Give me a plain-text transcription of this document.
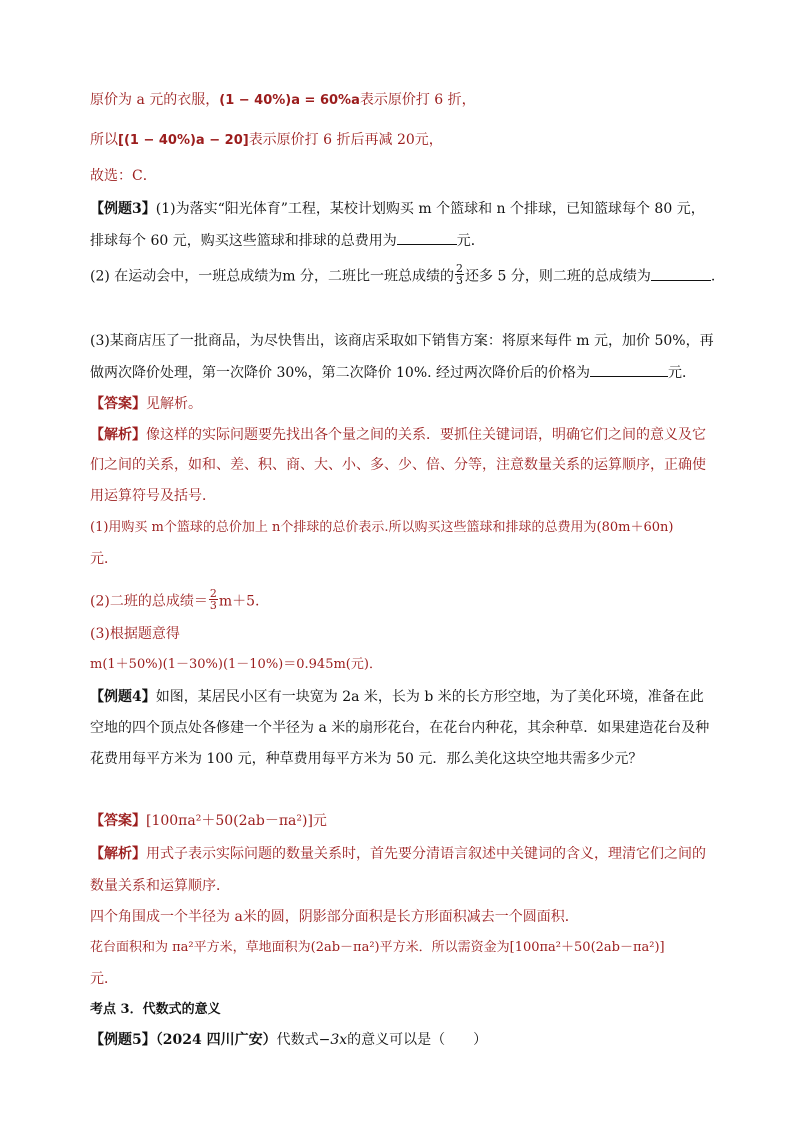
原价为 a 元的衣服，(1 − 40%)a = 60%a表示原价打 6 折，
所以[(1 − 40%)a − 20]表示原价打 6 折后再减 20元，
故选：C．
【例题3】(1)为落实“阳光体育”工程，某校计划购买 m 个篮球和 n 个排球，已知篮球每个 80 元，
排球每个 60 元，购买这些篮球和排球的总费用为	元．
(2) 在运动会中，一班总成绩为m 分，二班比一班总成绩的 $\frac{2}{3}$ 还多 5 分，则二班的总成绩为	.
(3)某商店压了一批商品，为尽快售出，该商店采取如下销售方案：将原来每件 m 元，加价 50%，再
做两次降价处理，第一次降价 30%，第二次降价 10%. 经过两次降价后的价格为	元．
【答案】见解析。
【解析】像这样的实际问题要先找出各个量之间的关系．要抓住关键词语，明确它们之间的意义及它
们之间的关系，如和、差、积、商、大、小、多、少、倍、分等，注意数量关系的运算顺序，正确使
用运算符号及括号．
(1)用购买 m个篮球的总价加上 n个排球的总价表示.所以购买这些篮球和排球的总费用为(80m＋60n)
元．
(2)二班的总成绩＝ $\frac{2}{3} m+5$.
(3)根据题意得
m(1＋50%)(1－30%)(1－10%)＝0.945m(元)．
【例题4】如图，某居民小区有一块宽为 2a 米，长为 b 米的长方形空地，为了美化环境，准备在此
空地的四个顶点处各修建一个半径为 a 米的扇形花台，在花台内种花，其余种草．如果建造花台及种
花费用每平方米为 100 元，种草费用每平方米为 50 元．那么美化这块空地共需多少元？
【答案】[100πa²＋50(2ab－πa²)]元
【解析】用式子表示实际问题的数量关系时，首先要分清语言叙述中关键词的含义，理清它们之间的
数量关系和运算顺序．
四个角围成一个半径为 a米的圆，阴影部分面积是长方形面积减去一个圆面积．
花台面积和为 πa²平方米，草地面积为(2ab－πa²)平方米．所以需资金为[100πa²＋50(2ab－πa²)]
元．
考点 3．代数式的意义
【例题5】（2024 四川广安）代数式−3x的意义可以是（　　）
